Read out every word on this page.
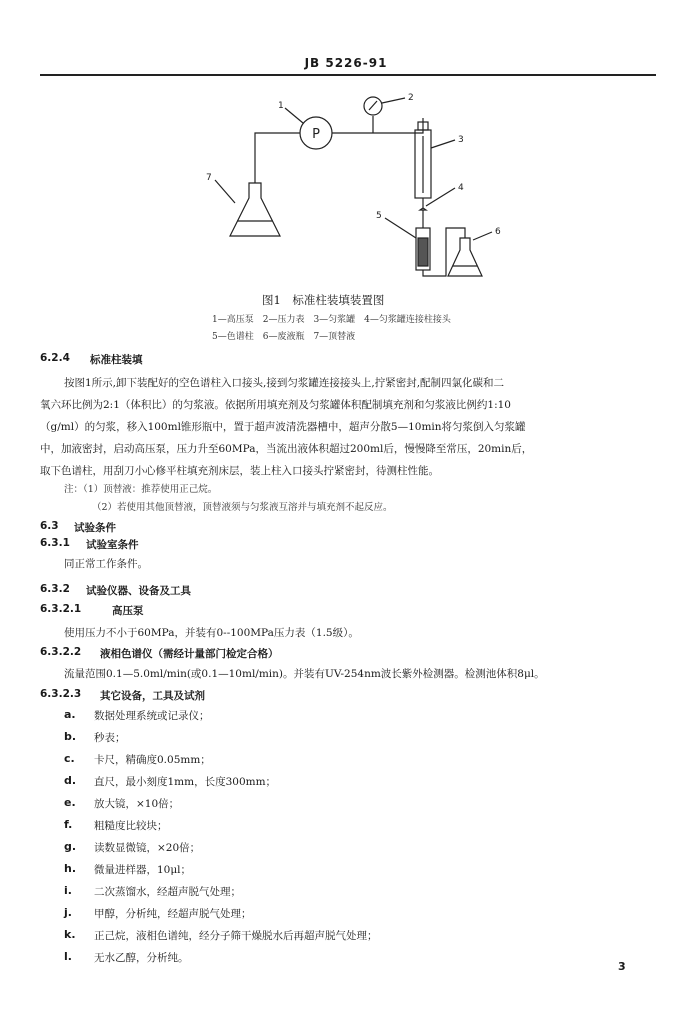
JB 5226-91
P
1
2
3
4
5
6
7
图1　标准柱装填装置图
1—高压泵　2—压力表　3—匀浆罐　4—匀浆罐连接柱接头
5—色谱柱　6—废液瓶　7—顶替液
6.2.4 标准柱装填
按图1所示,卸下装配好的空色谱柱入口接头,接到匀浆罐连接接头上,拧紧密封,配制四氯化碳和二
氧六环比例为2:1（体积比）的匀浆液。依据所用填充剂及匀浆罐体积配制填充剂和匀浆液比例约1:10
（g/ml）的匀浆，移入100ml锥形瓶中，置于超声波清洗器槽中，超声分散5—10min将匀浆倒入匀浆罐
中，加液密封，启动高压泵，压力升至60MPa，当流出液体积超过200ml后，慢慢降至常压，20min后，
取下色谱柱，用刮刀小心修平柱填充剂床层，装上柱入口接头拧紧密封，待测柱性能。
注：（1）顶替液：推荐使用正己烷。
（2）若使用其他顶替液，顶替液须与匀浆液互溶并与填充剂不起反应。
6.3 试验条件
6.3.1 试验室条件
同正常工作条件。
6.3.2 试验仪器、设备及工具
6.3.2.1	高压泵
使用压力不小于60MPa，并装有0--100MPa压力表（1.5级）。
6.3.2.2 液相色谱仪（需经计量部门检定合格）
流量范围0.1—5.0ml/min(或0.1—10ml/min)。并装有UV-254nm波长紫外检测器。检测池体积8μl。
6.3.2.3 其它设备，工具及试剂
a. 数据处理系统或记录仪；
b. 秒表；
c. 卡尺，精确度0.05mm；
d. 直尺，最小刻度1mm，长度300mm；
e. 放大镜，×10倍；
f. 粗糙度比较块；
g. 读数显微镜，×20倍；
h. 微量进样器，10μl；
i. 二次蒸馏水，经超声脱气处理；
j. 甲醇，分析纯，经超声脱气处理；
k. 正己烷，液相色谱纯，经分子筛干燥脱水后再超声脱气处理；
l. 无水乙醇，分析纯。
3
